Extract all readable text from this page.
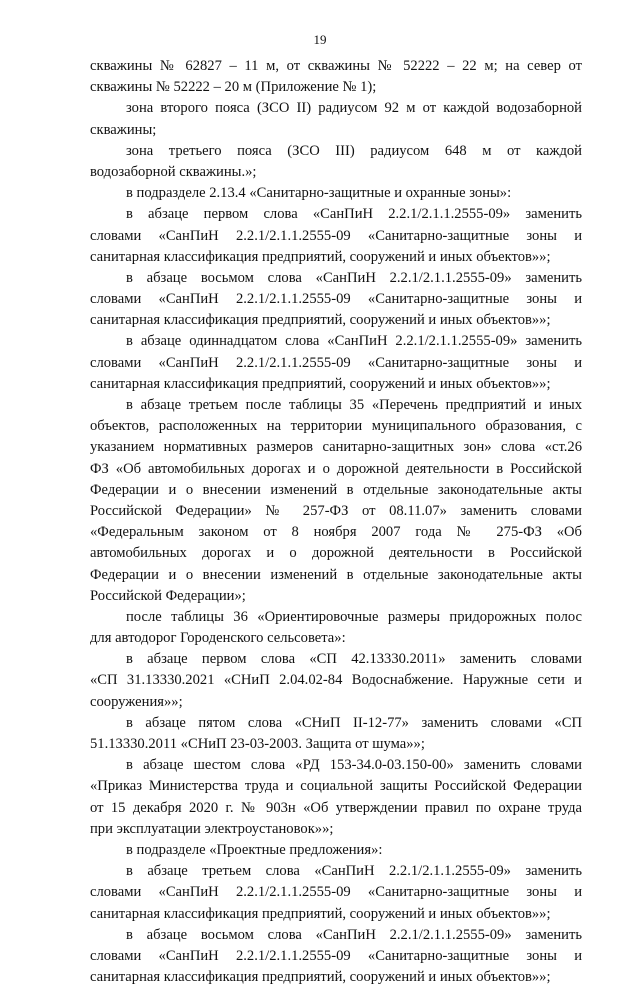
19
скважины № 62827 – 11 м, от скважины № 52222 – 22 м; на север от
скважины № 52222 – 20 м (Приложение № 1);
зона второго пояса (ЗСО II) радиусом 92 м от каждой водозаборной
скважины;
зона третьего пояса (ЗСО III) радиусом 648 м от каждой
водозаборной скважины.»;
в подразделе 2.13.4 «Санитарно-защитные и охранные зоны»:
в абзаце первом слова «СанПиН 2.2.1/2.1.1.2555-09» заменить
словами «СанПиН 2.2.1/2.1.1.2555-09 «Санитарно-защитные зоны и
санитарная классификация предприятий, сооружений и иных объектов»»;
в абзаце восьмом слова «СанПиН 2.2.1/2.1.1.2555-09» заменить
словами «СанПиН 2.2.1/2.1.1.2555-09 «Санитарно-защитные зоны и
санитарная классификация предприятий, сооружений и иных объектов»»;
в абзаце одиннадцатом слова «СанПиН 2.2.1/2.1.1.2555-09» заменить
словами «СанПиН 2.2.1/2.1.1.2555-09 «Санитарно-защитные зоны и
санитарная классификация предприятий, сооружений и иных объектов»»;
в абзаце третьем после таблицы 35 «Перечень предприятий и иных
объектов, расположенных на территории муниципального образования, с
указанием нормативных размеров санитарно-защитных зон» слова «ст.26
ФЗ «Об автомобильных дорогах и о дорожной деятельности в Российской
Федерации и о внесении изменений в отдельные законодательные акты
Российской Федерации» № 257-ФЗ от 08.11.07» заменить словами
«Федеральным законом от 8 ноября 2007 года № 275-ФЗ «Об
автомобильных дорогах и о дорожной деятельности в Российской
Федерации и о внесении изменений в отдельные законодательные акты
Российской Федерации»;
после таблицы 36 «Ориентировочные размеры придорожных полос
для автодорог Городенского сельсовета»:
в абзаце первом слова «СП 42.13330.2011» заменить словами
«СП 31.13330.2021 «СНиП 2.04.02-84 Водоснабжение. Наружные сети и
сооружения»»;
в абзаце пятом слова «СНиП II-12-77» заменить словами «СП
51.13330.2011 «СНиП 23-03-2003. Защита от шума»»;
в абзаце шестом слова «РД 153-34.0-03.150-00» заменить словами
«Приказ Министерства труда и социальной защиты Российской Федерации
от 15 декабря 2020 г. № 903н «Об утверждении правил по охране труда
при эксплуатации электроустановок»»;
в подразделе «Проектные предложения»:
в абзаце третьем слова «СанПиН 2.2.1/2.1.1.2555-09» заменить
словами «СанПиН 2.2.1/2.1.1.2555-09 «Санитарно-защитные зоны и
санитарная классификация предприятий, сооружений и иных объектов»»;
в абзаце восьмом слова «СанПиН 2.2.1/2.1.1.2555-09» заменить
словами «СанПиН 2.2.1/2.1.1.2555-09 «Санитарно-защитные зоны и
санитарная классификация предприятий, сооружений и иных объектов»»;
